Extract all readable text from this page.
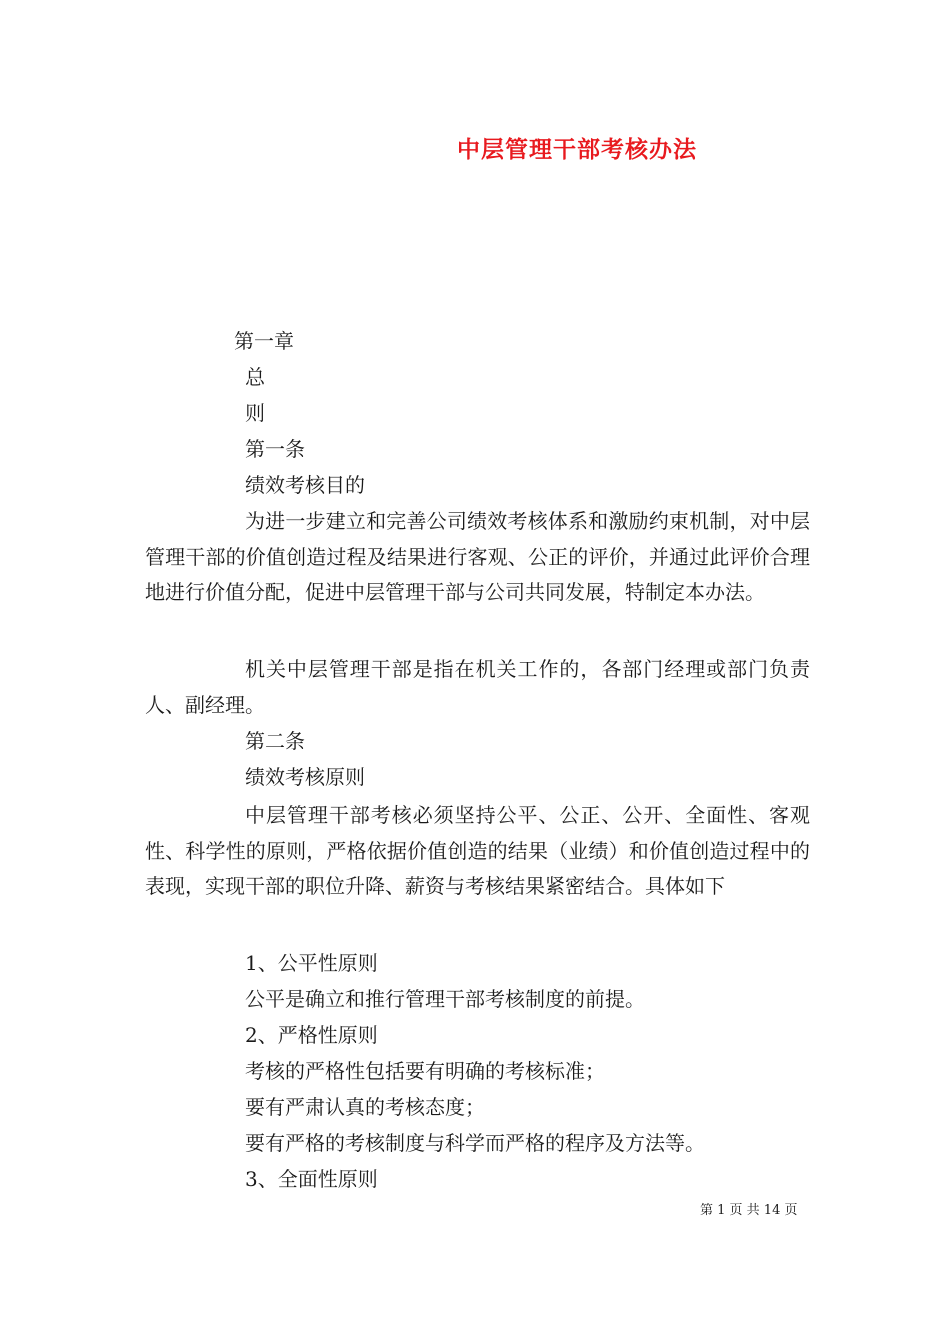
中层管理干部考核办法
第一章
总
则
第一条
绩效考核目的
为进一步建立和完善公司绩效考核体系和激励约束机制，对中层管理干部的价值创造过程及结果进行客观、公正的评价，并通过此评价合理地进行价值分配，促进中层管理干部与公司共同发展，特制定本办法。
机关中层管理干部是指在机关工作的，各部门经理或部门负责人、副经理。
第二条
绩效考核原则
中层管理干部考核必须坚持公平、公正、公开、全面性、客观性、科学性的原则，严格依据价值创造的结果（业绩）和价值创造过程中的表现，实现干部的职位升降、薪资与考核结果紧密结合。具体如下
1、公平性原则
公平是确立和推行管理干部考核制度的前提。
2、严格性原则
考核的严格性包括要有明确的考核标准；
要有严肃认真的考核态度；
要有严格的考核制度与科学而严格的程序及方法等。
3、全面性原则
第 1 页 共 14 页
